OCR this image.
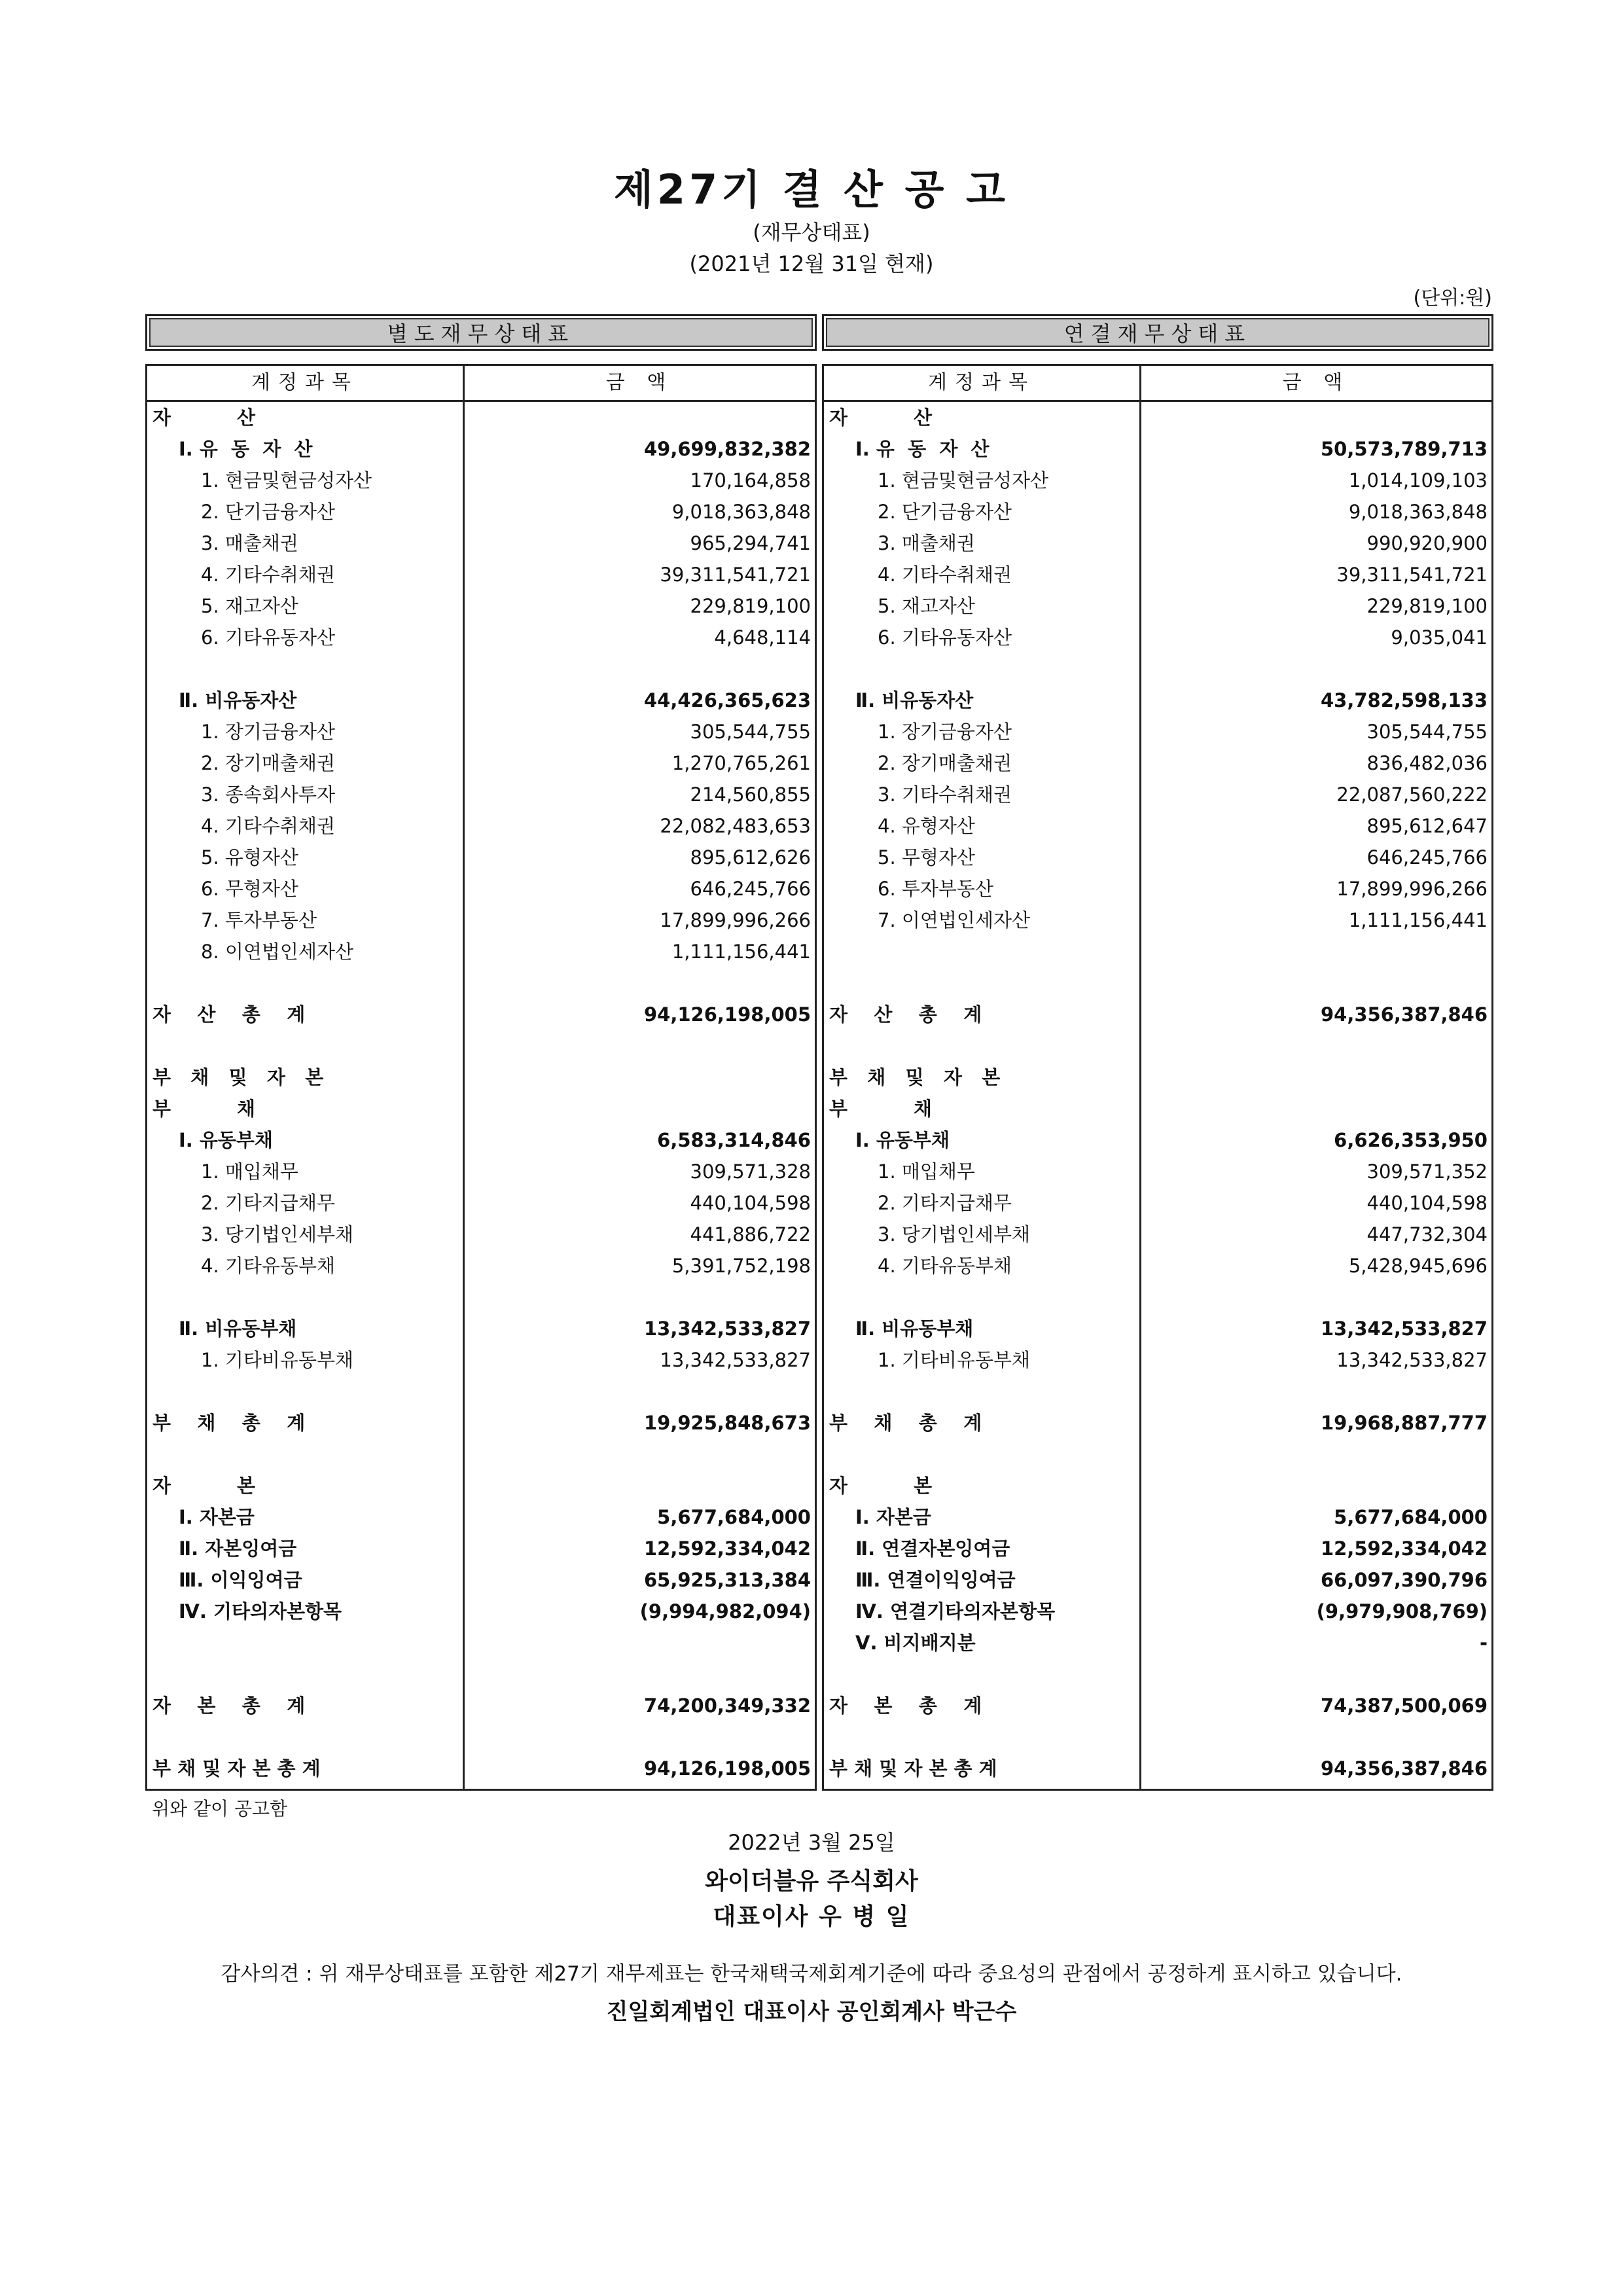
제27기 결 산 공 고
(재무상태표)
(2021년 12월 31일 현재)
(단위:원)
별도재무상태표	연결재무상태표
계정과목	금 액
자          산
Ⅰ. 유  동  자  산	49,699,832,382
1. 현금및현금성자산	170,164,858
2. 단기금융자산	9,018,363,848
3. 매출채권	965,294,741
4. 기타수취채권	39,311,541,721
5. 재고자산	229,819,100
6. 기타유동자산	4,648,114
Ⅱ. 비유동자산	44,426,365,623
1. 장기금융자산	305,544,755
2. 장기매출채권	1,270,765,261
3. 종속회사투자	214,560,855
4. 기타수취채권	22,082,483,653
5. 유형자산	895,612,626
6. 무형자산	646,245,766
7. 투자부동산	17,899,996,266
8. 이연법인세자산	1,111,156,441
자    산    총    계	94,126,198,005
부   채   및   자   본
부          채
Ⅰ. 유동부채	6,583,314,846
1. 매입채무	309,571,328
2. 기타지급채무	440,104,598
3. 당기법인세부채	441,886,722
4. 기타유동부채	5,391,752,198
Ⅱ. 비유동부채	13,342,533,827
1. 기타비유동부채	13,342,533,827
부    채    총    계	19,925,848,673
자          본
Ⅰ. 자본금	5,677,684,000
Ⅱ. 자본잉여금	12,592,334,042
Ⅲ. 이익잉여금	65,925,313,384
Ⅳ. 기타의자본항목	(9,994,982,094)
자    본    총    계	74,200,349,332
부 채 및 자 본 총 계	94,126,198,005
계정과목	금 액
자          산
Ⅰ. 유  동  자  산	50,573,789,713
1. 현금및현금성자산	1,014,109,103
2. 단기금융자산	9,018,363,848
3. 매출채권	990,920,900
4. 기타수취채권	39,311,541,721
5. 재고자산	229,819,100
6. 기타유동자산	9,035,041
Ⅱ. 비유동자산	43,782,598,133
1. 장기금융자산	305,544,755
2. 장기매출채권	836,482,036
3. 기타수취채권	22,087,560,222
4. 유형자산	895,612,647
5. 무형자산	646,245,766
6. 투자부동산	17,899,996,266
7. 이연법인세자산	1,111,156,441
자    산    총    계	94,356,387,846
부   채   및   자   본
부          채
Ⅰ. 유동부채	6,626,353,950
1. 매입채무	309,571,352
2. 기타지급채무	440,104,598
3. 당기법인세부채	447,732,304
4. 기타유동부채	5,428,945,696
Ⅱ. 비유동부채	13,342,533,827
1. 기타비유동부채	13,342,533,827
부    채    총    계	19,968,887,777
자          본
Ⅰ. 자본금	5,677,684,000
Ⅱ. 연결자본잉여금	12,592,334,042
Ⅲ. 연결이익잉여금	66,097,390,796
Ⅳ. 연결기타의자본항목	(9,979,908,769)
Ⅴ. 비지배지분	-
자    본    총    계	74,387,500,069
부 채 및 자 본 총 계	94,356,387,846
위와 같이 공고함
2022년 3월 25일
와이더블유 주식회사
대표이사 우 병 일
감사의견 : 위 재무상태표를 포함한 제27기 재무제표는 한국채택국제회계기준에 따라 중요성의 관점에서 공정하게 표시하고 있습니다.
진일회계법인 대표이사 공인회계사 박근수
